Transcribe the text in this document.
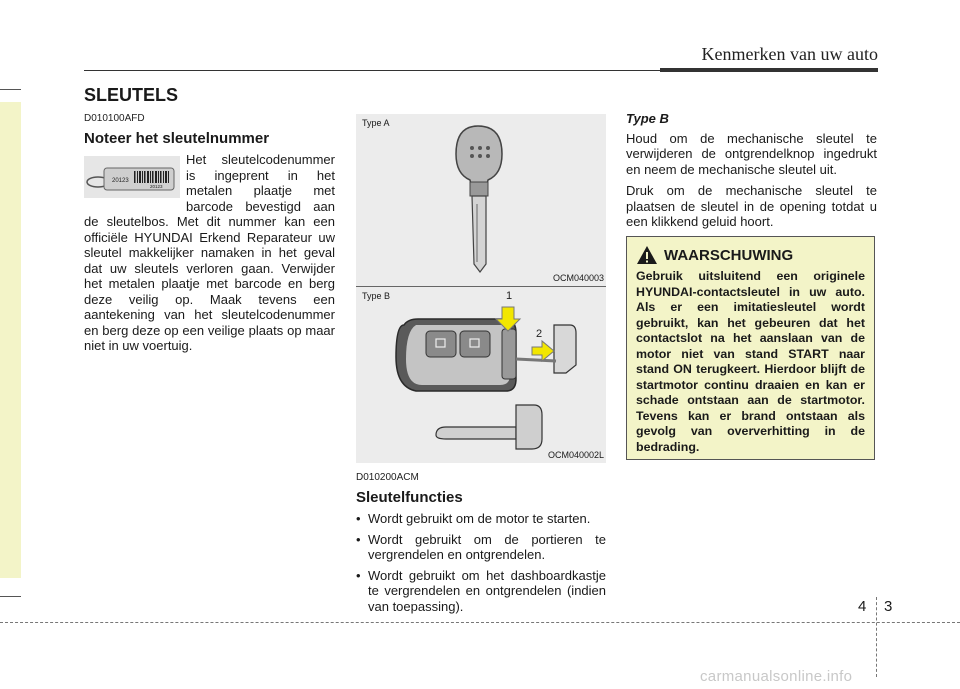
Kenmerken van uw auto
SLEUTELS
D010100AFD
Noteer het sleutelnummer
20123
20123

Het sleutelcodenummer is ingeprent in het metalen plaatje met barcode bevestigd aan de sleutelbos. Met dit nummer kan een officiële HYUNDAI Erkend Reparateur uw sleutel makkelijker namaken in het geval dat uw sleutels verloren gaan. Verwijder het metalen plaatje met barcode en berg deze veilig op. Maak tevens een aantekening van het sleutelcodenummer en berg deze op een veilige plaats op maar niet in uw voertuig.

Type A
OCM040003
Type B	1
2
OCM040002L
D010200ACM
Sleutelfuncties
• Wordt gebruikt om de motor te starten.
• Wordt gebruikt om de portieren te vergrendelen en ontgrendelen.
• Wordt gebruikt om het dashboardkastje te vergrendelen en ontgrendelen (indien van toepassing).
Type B

Houd om de mechanische sleutel te verwijderen de ontgrendelknop ingedrukt en neem de mechanische sleutel uit.

Druk om de mechanische sleutel te plaatsen de sleutel in de opening totdat u een klikkend geluid hoort.

WAARSCHUWING

Gebruik uitsluitend een originele HYUNDAI-contactsleutel in uw auto. Als er een imitatiesleutel wordt gebruikt, kan het gebeuren dat het contactslot na het aanslaan van de motor niet van stand START naar stand ON terugkeert. Hierdoor blijft de startmotor continu draaien en kan er schade ontstaan aan de startmotor. Tevens kan er brand ontstaan als gevolg van oververhitting in de bedrading.

4 3
carmanualsonline.info
